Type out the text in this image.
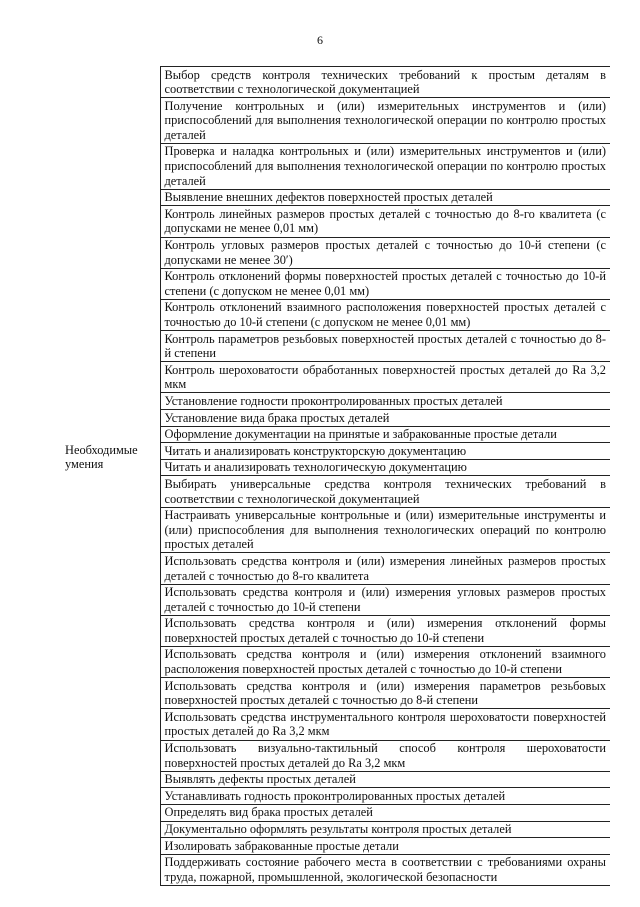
6
	Выбор средств контроля технических требований к простым деталям в соответствии с технологической документацией
	Получение контрольных и (или) измерительных инструментов и (или) приспособлений для выполнения технологической операции по контролю простых деталей
	Проверка и наладка контрольных и (или) измерительных инструментов и (или) приспособлений для выполнения технологической операции по контролю простых деталей
	Выявление внешних дефектов поверхностей простых деталей
	Контроль линейных размеров простых деталей с точностью до 8-го квалитета (с допусками не менее 0,01 мм)
	Контроль угловых размеров простых деталей с точностью до 10-й степени (с допусками не менее 30′)
	Контроль отклонений формы поверхностей простых деталей с точностью до 10-й степени (с допуском не менее 0,01 мм)
	Контроль отклонений взаимного расположения поверхностей простых деталей с точностью до 10-й степени (с допуском не менее 0,01 мм)
	Контроль параметров резьбовых поверхностей простых деталей с точностью до 8-й степени
	Контроль шероховатости обработанных поверхностей простых деталей до Ra 3,2 мкм
	Установление годности проконтролированных простых деталей
	Установление вида брака простых деталей
	Оформление документации на принятые и забракованные простые детали
Необходимые умения	Читать и анализировать конструкторскую документацию
	Читать и анализировать технологическую документацию
	Выбирать универсальные средства контроля технических требований в соответствии с технологической документацией
	Настраивать универсальные контрольные и (или) измерительные инструменты и (или) приспособления для выполнения технологических операций по контролю простых деталей
	Использовать средства контроля и (или) измерения линейных размеров простых деталей с точностью до 8-го квалитета
	Использовать средства контроля и (или) измерения угловых размеров простых деталей с точностью до 10-й степени
	Использовать средства контроля и (или) измерения отклонений формы поверхностей простых деталей с точностью до 10-й степени
	Использовать средства контроля и (или) измерения отклонений взаимного расположения поверхностей простых деталей с точностью до 10-й степени
	Использовать средства контроля и (или) измерения параметров резьбовых поверхностей простых деталей с точностью до 8-й степени
	Использовать средства инструментального контроля шероховатости поверхностей простых деталей до Ra 3,2 мкм
	Использовать визуально-тактильный способ контроля шероховатости поверхностей простых деталей до Ra 3,2 мкм
	Выявлять дефекты простых деталей
	Устанавливать годность проконтролированных простых деталей
	Определять вид брака простых деталей
	Документально оформлять результаты контроля простых деталей
	Изолировать забракованные простые детали
	Поддерживать состояние рабочего места в соответствии с требованиями охраны труда, пожарной, промышленной, экологической безопасности
